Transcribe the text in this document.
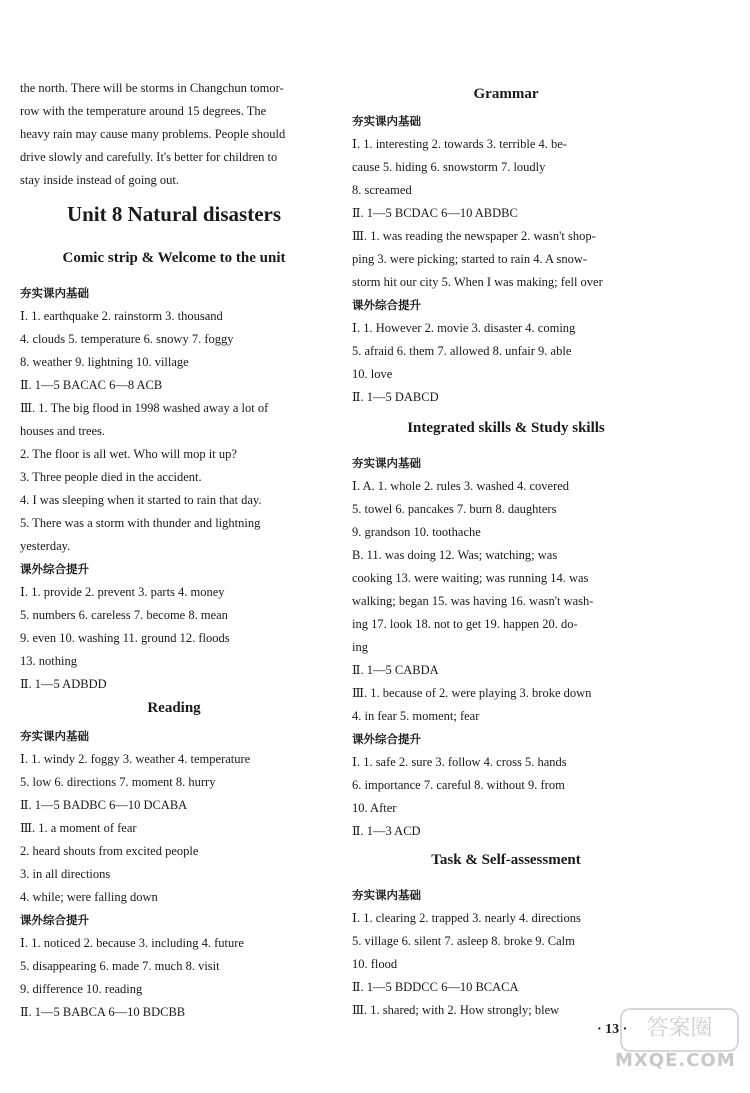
the north. There will be storms in Changchun tomor-
row with the temperature around 15 degrees. The
heavy rain may cause many problems. People should
drive slowly and carefully. It's better for children to
stay inside instead of going out.
Unit 8 Natural disasters
Comic strip & Welcome to the unit
夯实课内基础
Ⅰ. 1. earthquake 2. rainstorm 3. thousand
4. clouds 5. temperature 6. snowy 7. foggy
8. weather 9. lightning 10. village
Ⅱ. 1—5 BACAC 6—8 ACB
Ⅲ. 1. The big flood in 1998 washed away a lot of
houses and trees.
2. The floor is all wet. Who will mop it up?
3. Three people died in the accident.
4. I was sleeping when it started to rain that day.
5. There was a storm with thunder and lightning
yesterday.
课外综合提升
Ⅰ. 1. provide 2. prevent 3. parts 4. money
5. numbers 6. careless 7. become 8. mean
9. even 10. washing 11. ground 12. floods
13. nothing
Ⅱ. 1—5 ADBDD
Reading
夯实课内基础
Ⅰ. 1. windy 2. foggy 3. weather 4. temperature
5. low 6. directions 7. moment 8. hurry
Ⅱ. 1—5 BADBC 6—10 DCABA
Ⅲ. 1. a moment of fear
2. heard shouts from excited people
3. in all directions
4. while; were falling down
课外综合提升
Ⅰ. 1. noticed 2. because 3. including 4. future
5. disappearing 6. made 7. much 8. visit
9. difference 10. reading
Ⅱ. 1—5 BABCA 6—10 BDCBB
Grammar
夯实课内基础
Ⅰ. 1. interesting 2. towards 3. terrible 4. be-
cause 5. hiding 6. snowstorm 7. loudly
8. screamed
Ⅱ. 1—5 BCDAC 6—10 ABDBC
Ⅲ. 1. was reading the newspaper 2. wasn't shop-
ping 3. were picking; started to rain 4. A snow-
storm hit our city 5. When I was making; fell over
课外综合提升
Ⅰ. 1. However 2. movie 3. disaster 4. coming
5. afraid 6. them 7. allowed 8. unfair 9. able
10. love
Ⅱ. 1—5 DABCD
Integrated skills & Study skills
夯实课内基础
Ⅰ. A. 1. whole 2. rules 3. washed 4. covered
5. towel 6. pancakes 7. burn 8. daughters
9. grandson 10. toothache
B. 11. was doing 12. Was; watching; was
cooking 13. were waiting; was running 14. was
walking; began 15. was having 16. wasn't wash-
ing 17. look 18. not to get 19. happen 20. do-
ing
Ⅱ. 1—5 CABDA
Ⅲ. 1. because of 2. were playing 3. broke down
4. in fear 5. moment; fear
课外综合提升
Ⅰ. 1. safe 2. sure 3. follow 4. cross 5. hands
6. importance 7. careful 8. without 9. from
10. After
Ⅱ. 1—3 ACD
Task & Self-assessment
夯实课内基础
Ⅰ. 1. clearing 2. trapped 3. nearly 4. directions
5. village 6. silent 7. asleep 8. broke 9. Calm
10. flood
Ⅱ. 1—5 BDDCC 6—10 BCACA
Ⅲ. 1. shared; with 2. How strongly; blew
· 13 · 答案圈
MXQE.COM
